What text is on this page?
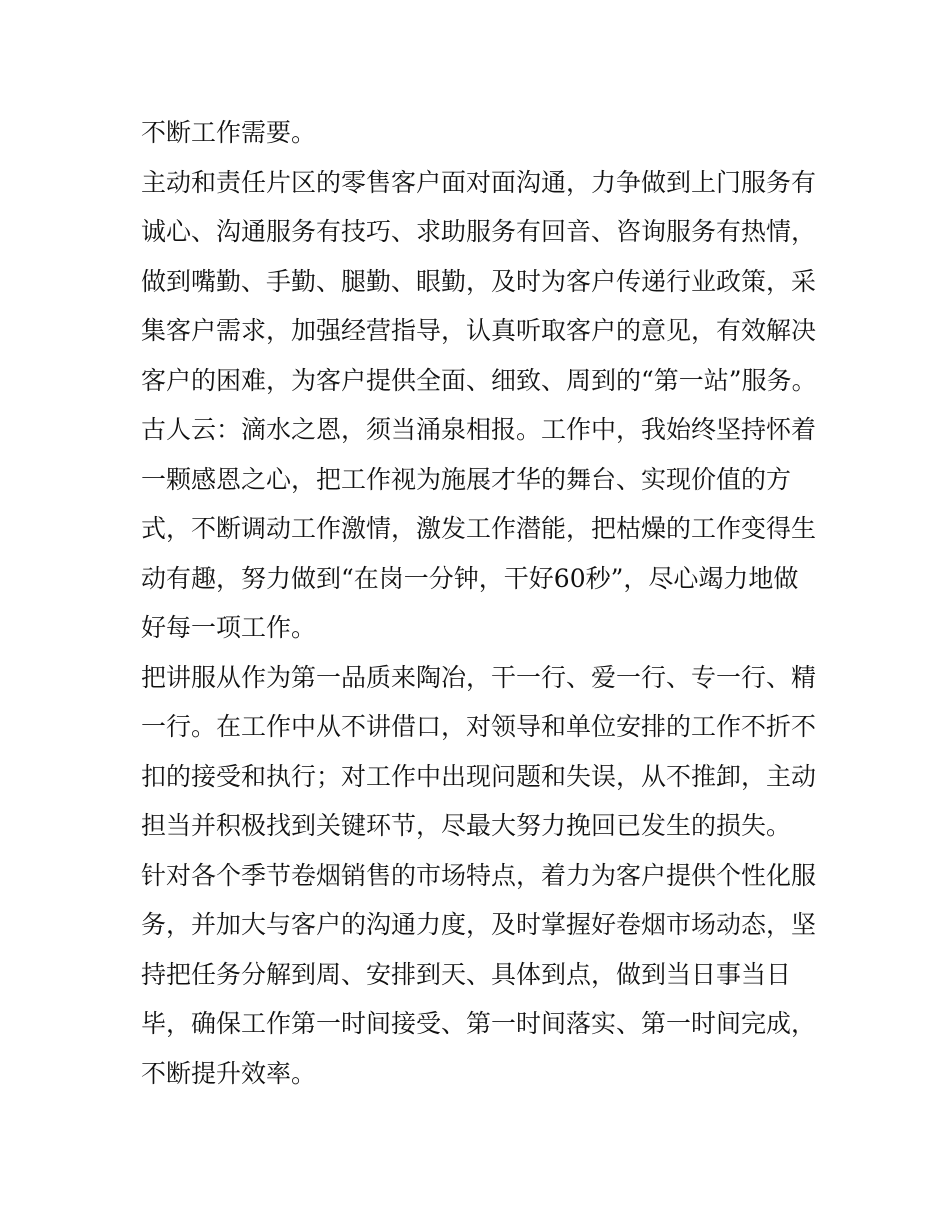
不断工作需要。
主动和责任片区的零售客户面对面沟通，力争做到上门服务有
诚心、沟通服务有技巧、求助服务有回音、咨询服务有热情，
做到嘴勤、手勤、腿勤、眼勤，及时为客户传递行业政策，采
集客户需求，加强经营指导，认真听取客户的意见，有效解决
客户的困难，为客户提供全面、细致、周到的“第一站”服务。
古人云：滴水之恩，须当涌泉相报。工作中，我始终坚持怀着
一颗感恩之心，把工作视为施展才华的舞台、实现价值的方
式，不断调动工作激情，激发工作潜能，把枯燥的工作变得生
动有趣，努力做到“在岗一分钟，干好60秒”，尽心竭力地做
好每一项工作。
把讲服从作为第一品质来陶冶，干一行、爱一行、专一行、精
一行。在工作中从不讲借口，对领导和单位安排的工作不折不
扣的接受和执行；对工作中出现问题和失误，从不推卸，主动
担当并积极找到关键环节，尽最大努力挽回已发生的损失。
针对各个季节卷烟销售的市场特点，着力为客户提供个性化服
务，并加大与客户的沟通力度，及时掌握好卷烟市场动态，坚
持把任务分解到周、安排到天、具体到点，做到当日事当日
毕，确保工作第一时间接受、第一时间落实、第一时间完成，
不断提升效率。
